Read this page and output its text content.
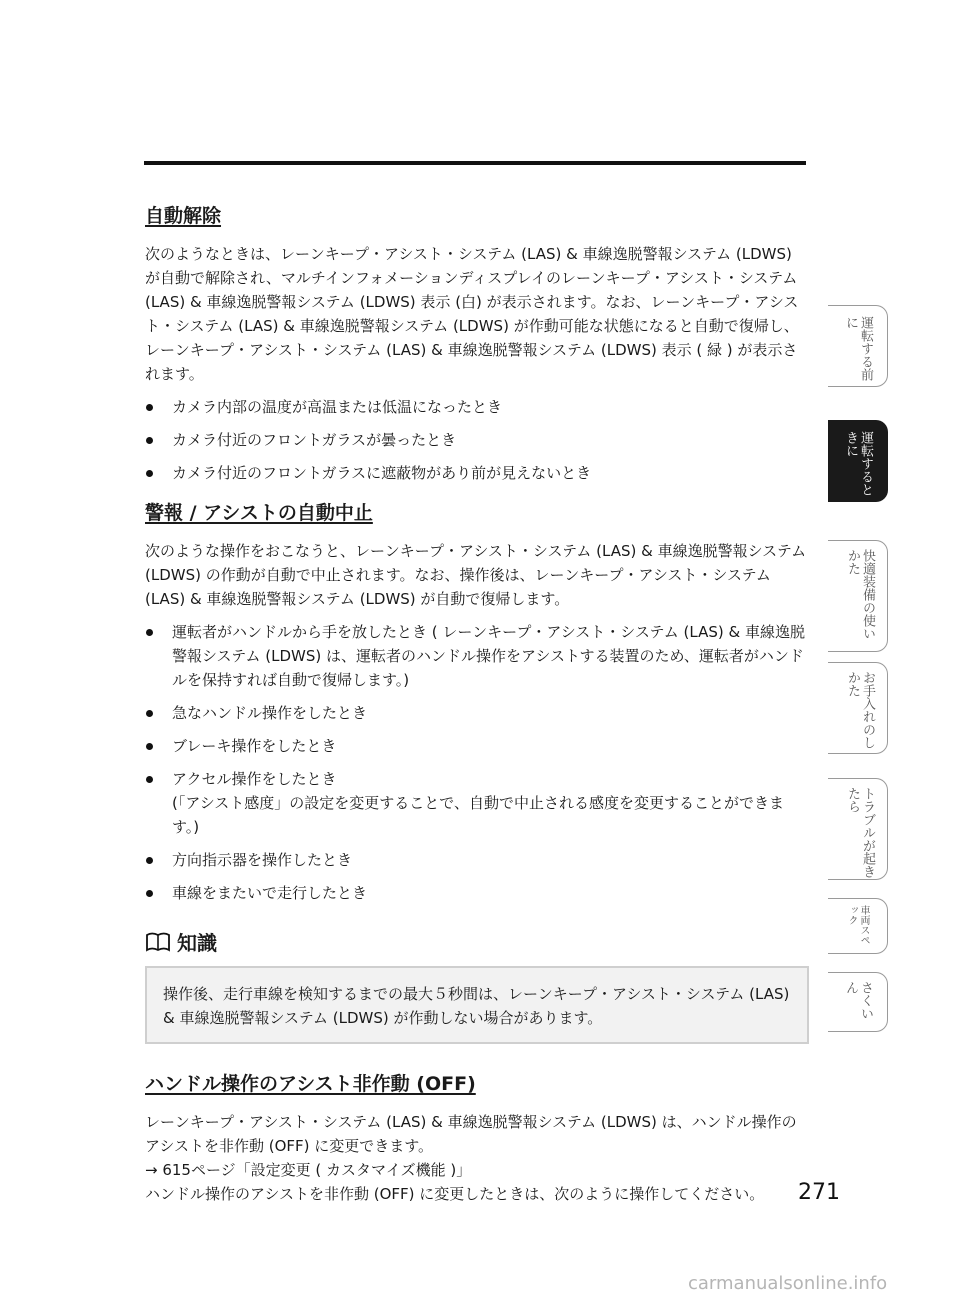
自動解除

次のようなときは、レーンキープ・アシスト・システム (LAS) & 車線逸脱警報システム (LDWS) が自動で解除され、マルチインフォメーションディスプレイのレーンキープ・アシスト・システム (LAS) & 車線逸脱警報システム (LDWS) 表示 (白) が表示されます。なお、レーンキープ・アシスト・システム (LAS) & 車線逸脱警報システム (LDWS) が作動可能な状態になると自動で復帰し、レーンキープ・アシスト・システム (LAS) & 車線逸脱警報システム (LDWS) 表示 ( 緑 ) が表示されます。

カメラ内部の温度が高温または低温になったとき
カメラ付近のフロントガラスが曇ったとき
カメラ付近のフロントガラスに遮蔽物があり前が見えないとき
警報 / アシストの自動中止

次のような操作をおこなうと、レーンキープ・アシスト・システム (LAS) & 車線逸脱警報システム (LDWS) の作動が自動で中止されます。なお、操作後は、レーンキープ・アシスト・システム (LAS) & 車線逸脱警報システム (LDWS) が自動で復帰します。

運転者がハンドルから手を放したとき ( レーンキープ・アシスト・システム (LAS) & 車線逸脱警報システム (LDWS) は、運転者のハンドル操作をアシストする装置のため、運転者がハンドルを保持すれば自動で復帰します。)
急なハンドル操作をしたとき
ブレーキ操作をしたとき
アクセル操作をしたとき
(「アシスト感度」の設定を変更することで、自動で中止される感度を変更することができます。)
方向指示器を操作したとき
車線をまたいで走行したとき
知識

操作後、走行車線を検知するまでの最大５秒間は、レーンキープ・アシスト・システム (LAS) & 車線逸脱警報システム (LDWS) が作動しない場合があります。

ハンドル操作のアシスト非作動 (OFF)

レーンキープ・アシスト・システム (LAS) & 車線逸脱警報システム (LDWS) は、ハンドル操作のアシストを非作動 (OFF) に変更できます。

→ 615ページ「設定変更 ( カスタマイズ機能 )」

ハンドル操作のアシストを非作動 (OFF) に変更したときは、次のように操作してください。

運転する前に
運転するときに
快適装備の使いかた
お手入れのしかた
トラブルが起きたら
車両スペック
さくいん
271
carmanualsonline.info
